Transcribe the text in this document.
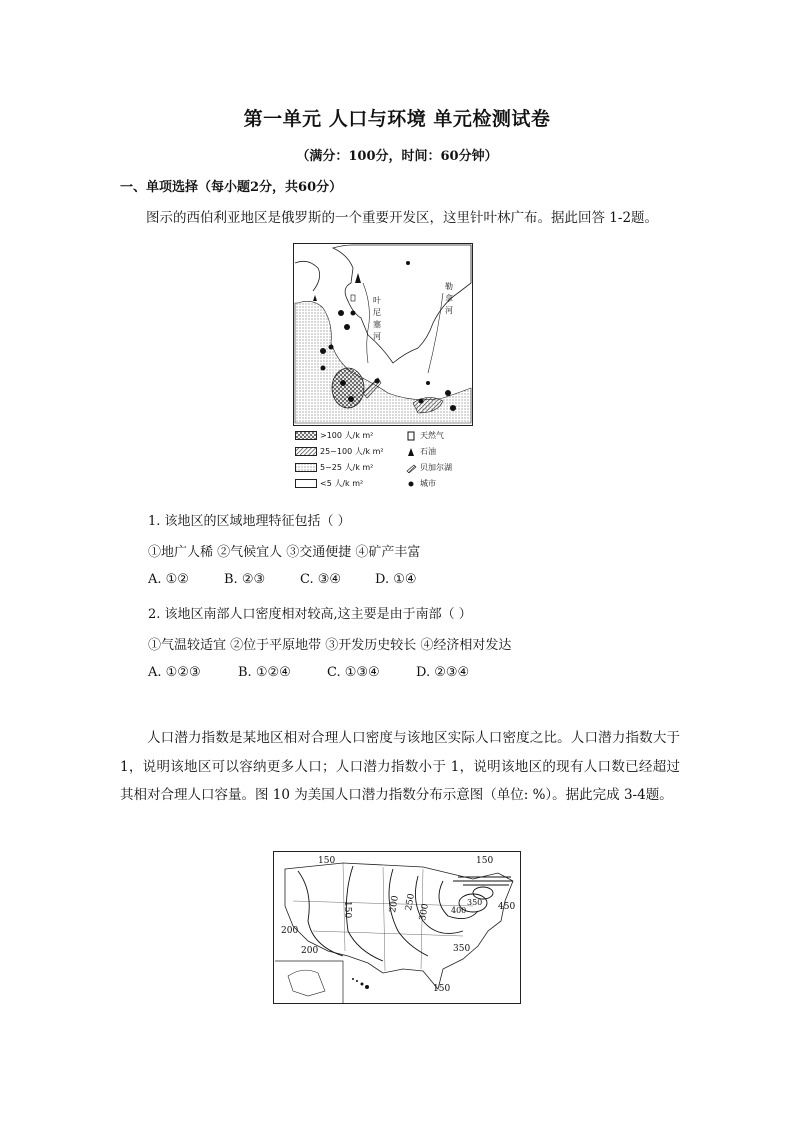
第一单元 人口与环境 单元检测试卷
（满分：100分，时间：60分钟）
一、单项选择（每小题2分，共60分）
图示的西伯利亚地区是俄罗斯的一个重要开发区，这里针叶林广布。据此回答 1-2题。
叶
尼
塞
河
勒
拿
河
>100 人/k m²
25~100 人/k m²
5~25 人/k m²
<5 人/k m²
天然气
石油
贝加尔湖
城市
1. 该地区的区域地理特征包括（ ）
①地广人稀 ②气候宜人 ③交通便捷 ④矿产丰富
A. ①②	B. ②③	C. ③④	D. ①④
2. 该地区南部人口密度相对较高,这主要是由于南部（ ）
①气温较适宜 ②位于平原地带 ③开发历史较长 ④经济相对发达
A. ①②③	B. ①②④	C. ①③④	D. ②③④
人口潜力指数是某地区相对合理人口密度与该地区实际人口密度之比。人口潜力指数大于 1，说明该地区可以容纳更多人口；人口潜力指数小于 1，说明该地区的现有人口数已经超过其相对合理人口容量。图 10 为美国人口潜力指数分布示意图（单位: %）。据此完成 3-4题。
150	150
150
200
200
200 250
300
350
350
400	450
150
